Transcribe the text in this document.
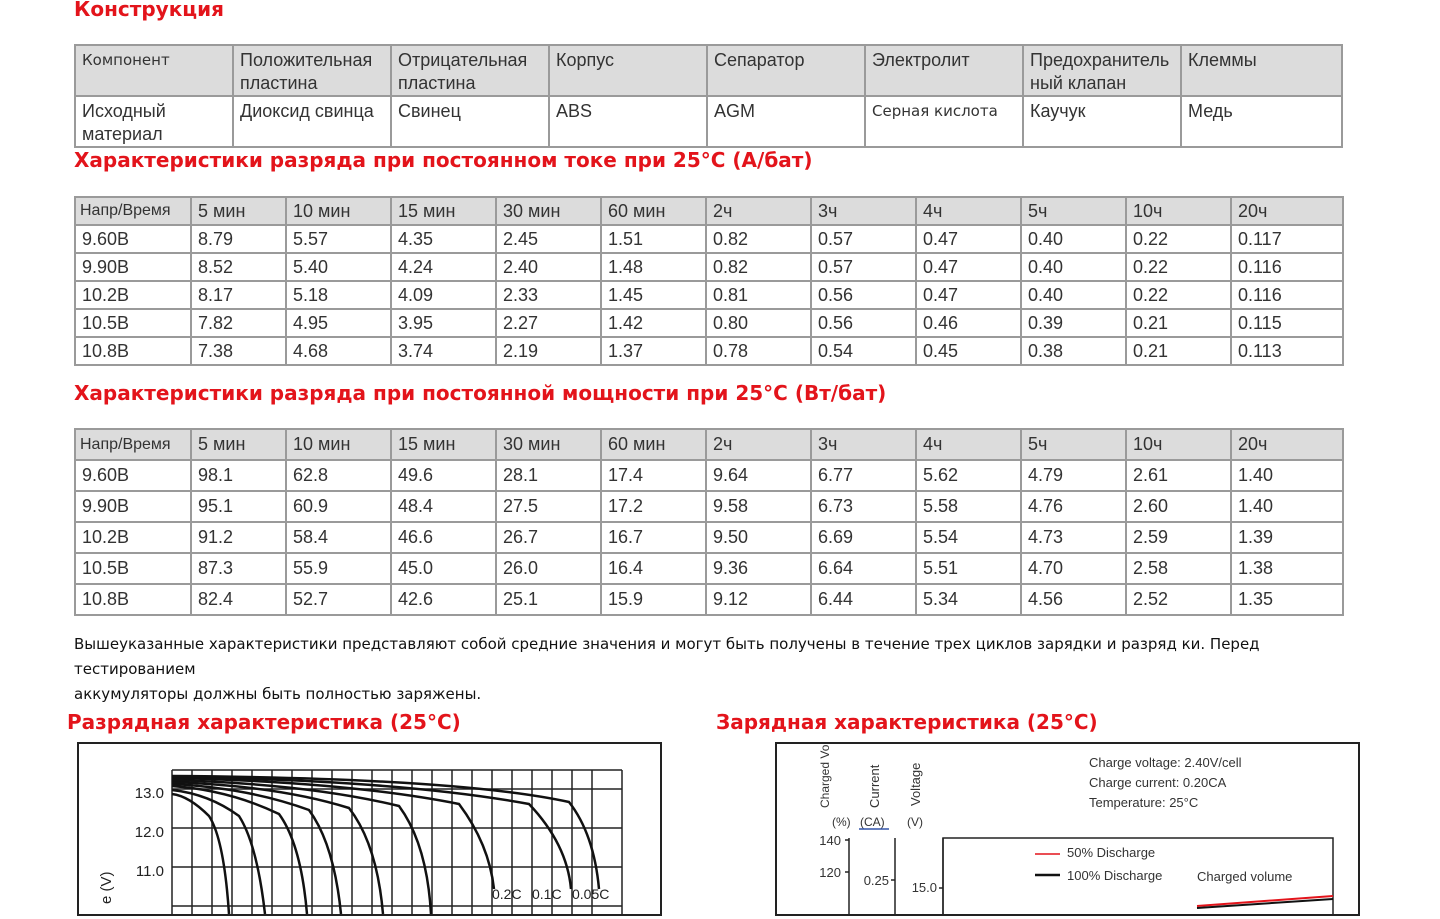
Конструкция
Компонент	Положительная пластина	Отрицательная пластина	Корпус	Сепаратор	Электролит	Предохранитель ный клапан	Клеммы
Исходный материал	Диоксид свинца	Свинец	ABS	AGM	Серная кислота	Каучук	Медь
Характеристики разряда при постоянном токе при 25°C (А/бат)
Напр/Время	5 мин	10 мин	15 мин	30 мин	60 мин	2ч	3ч	4ч	5ч	10ч	20ч
9.60В	8.79	5.57	4.35	2.45	1.51	0.82	0.57	0.47	0.40	0.22	0.117
9.90В	8.52	5.40	4.24	2.40	1.48	0.82	0.57	0.47	0.40	0.22	0.116
10.2В	8.17	5.18	4.09	2.33	1.45	0.81	0.56	0.47	0.40	0.22	0.116
10.5В	7.82	4.95	3.95	2.27	1.42	0.80	0.56	0.46	0.39	0.21	0.115
10.8В	7.38	4.68	3.74	2.19	1.37	0.78	0.54	0.45	0.38	0.21	0.113
Характеристики разряда при постоянной мощности при 25°C (Вт/бат)
Напр/Время	5 мин	10 мин	15 мин	30 мин	60 мин	2ч	3ч	4ч	5ч	10ч	20ч
9.60В	98.1	62.8	49.6	28.1	17.4	9.64	6.77	5.62	4.79	2.61	1.40
9.90В	95.1	60.9	48.4	27.5	17.2	9.58	6.73	5.58	4.76	2.60	1.40
10.2В	91.2	58.4	46.6	26.7	16.7	9.50	6.69	5.54	4.73	2.59	1.39
10.5В	87.3	55.9	45.0	26.0	16.4	9.36	6.64	5.51	4.70	2.58	1.38
10.8В	82.4	52.7	42.6	25.1	15.9	9.12	6.44	5.34	4.56	2.52	1.35
Вышеуказанные характеристики представляют собой средние значения и могут быть получены в течение трех циклов зарядки и разряд ки. Перед тестированием
аккумуляторы должны быть полностью заряжены.
Разрядная характеристика (25°C)
13.0
12.0
11.0
e (V)	0.2C 0.1C 0.05C
Зарядная характеристика (25°C)
Charged Volume	Current Voltage
(%) (CA) (V)
140
120
0.25 15.0
Charge voltage: 2.40V/cell
Charge current: 0.20CA
Temperature: 25°C
50% Discharge
100% Discharge	Charged volume
